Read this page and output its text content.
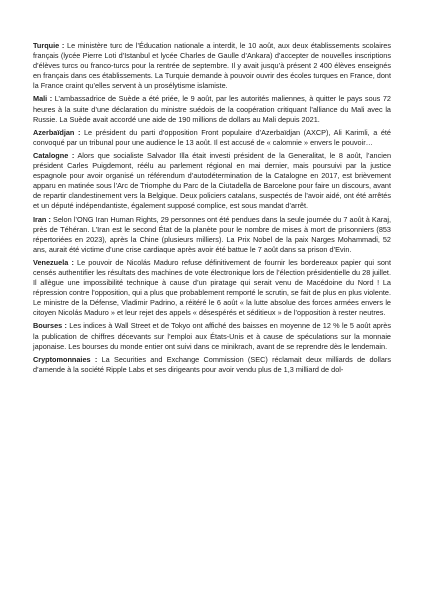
Turquie : Le ministère turc de l’Éducation nationale a interdit, le 10 août, aux deux établissements scolaires français (lycée Pierre Loti d’Istanbul et lycée Charles de Gaulle d’Ankara) d’accepter de nouvelles inscriptions d’élèves turcs ou franco-turcs pour la rentrée de septembre. Il y avait jusqu’à présent 2 400 élèves enseignés en français dans ces établissements. La Turquie demande à pouvoir ouvrir des écoles turques en France, dont la France craint qu’elles servent à un prosélytisme islamiste.

Mali : L’ambassadrice de Suède a été priée, le 9 août, par les autorités maliennes, à quitter le pays sous 72 heures à la suite d’une déclaration du ministre suédois de la coopération critiquant l’alliance du Mali avec la Russie. La Suède avait accordé une aide de 190 millions de dollars au Mali depuis 2021.

Azerbaïdjan : Le président du parti d’opposition Front populaire d’Azerbaïdjan (AXCP), Ali Karimli, a été convoqué par un tribunal pour une audience le 13 août. Il est accusé de « calomnie » envers le pouvoir…

Catalogne : Alors que socialiste Salvador Illa était investi président de la Generalitat, le 8 août, l’ancien président Carles Puigdemont, réélu au parlement régional en mai dernier, mais poursuivi par la justice espagnole pour avoir organisé un référendum d’autodétermination de la Catalogne en 2017, est brièvement apparu en matinée sous l’Arc de Triomphe du Parc de la Ciutadella de Barcelone pour faire un discours, avant de repartir clandestinement vers la Belgique. Deux policiers catalans, suspectés de l’avoir aidé, ont été arrêtés et un député indépendantiste, également supposé complice, est sous mandat d’arrêt.

Iran : Selon l’ONG Iran Human Rights, 29 personnes ont été pendues dans la seule journée du 7 août à Karaj, près de Téhéran. L’Iran est le second État de la planète pour le nombre de mises à mort de prisonniers (853 répertoriées en 2023), après la Chine (plusieurs milliers). La Prix Nobel de la paix Narges Mohammadi, 52 ans, aurait été victime d’une crise cardiaque après avoir été battue le 7 août dans sa prison d’Evin.

Venezuela : Le pouvoir de Nicolás Maduro refuse définitivement de fournir les bordereaux papier qui sont censés authentifier les résultats des machines de vote électronique lors de l’élection présidentielle du 28 juillet. Il allègue une impossibilité technique à cause d’un piratage qui serait venu de Macédoine du Nord ! La répression contre l’opposition, qui a plus que probablement remporté le scrutin, se fait de plus en plus violente. Le ministre de la Défense, Vladimir Padrino, a réitéré le 6 août « la lutte absolue des forces armées envers le citoyen Nicolás Maduro » et leur rejet des appels « désespérés et séditieux » de l’opposition à rester neutres.

Bourses : Les indices à Wall Street et de Tokyo ont affiché des baisses en moyenne de 12 % le 5 août après la publication de chiffres décevants sur l’emploi aux États-Unis et à cause de spéculations sur la monnaie japonaise. Les bourses du monde entier ont suivi dans ce minikrach, avant de se reprendre dès le lendemain.

Cryptomonnaies : La Securities and Exchange Commission (SEC) réclamait deux milliards de dollars d’amende à la société Ripple Labs et ses dirigeants pour avoir vendu plus de 1,3 milliard de dol-
